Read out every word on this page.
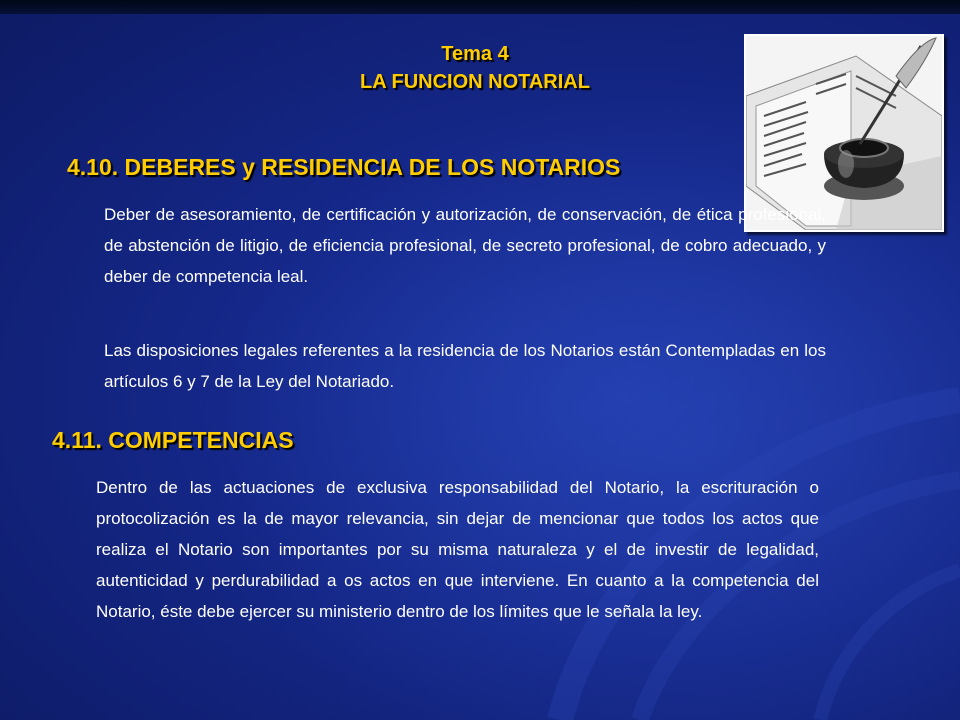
Tema 4
LA FUNCION NOTARIAL
4.10. DEBERES y RESIDENCIA DE LOS NOTARIOS
Deber de asesoramiento, de certificación y autorización, de conservación, de ética profesional, de abstención de litigio, de eficiencia profesional, de secreto profesional, de cobro adecuado, y deber de competencia leal.
Las disposiciones legales referentes a la residencia de los Notarios están Contempladas en los artículos 6 y 7 de la Ley del Notariado.
4.11. COMPETENCIAS
Dentro de las actuaciones de exclusiva responsabilidad del Notario, la escrituración o protocolización es la de mayor relevancia, sin dejar de mencionar que todos los actos que realiza el Notario son importantes por su misma naturaleza y el de investir de legalidad, autenticidad y perdurabilidad a os actos en que interviene. En cuanto a la competencia del Notario, éste debe ejercer su ministerio dentro de los límites que le señala la ley.
